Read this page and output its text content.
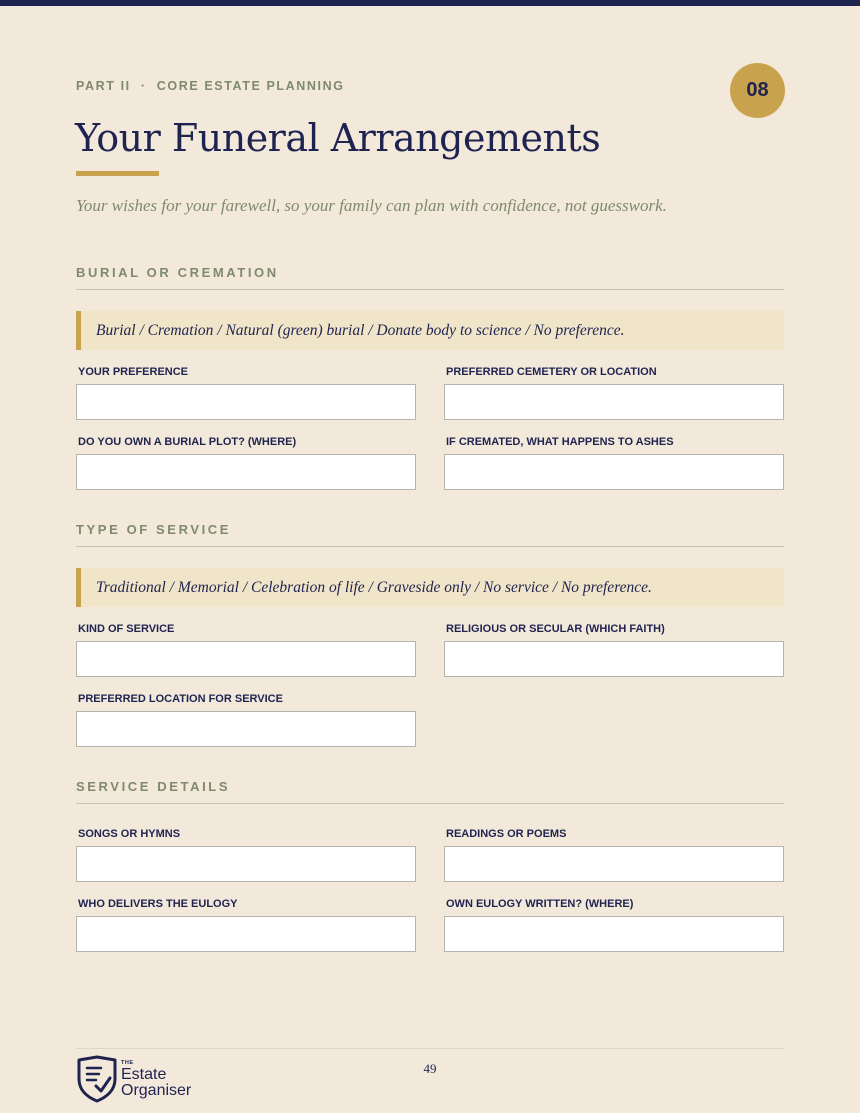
PART II  ·  CORE ESTATE PLANNING	08
Your Funeral Arrangements
Your wishes for your farewell, so your family can plan with confidence, not guesswork.
BURIAL OR CREMATION
Burial / Cremation / Natural (green) burial / Donate body to science / No preference.
YOUR PREFERENCE	PREFERRED CEMETERY OR LOCATION
DO YOU OWN A BURIAL PLOT? (WHERE)	IF CREMATED, WHAT HAPPENS TO ASHES
TYPE OF SERVICE
Traditional / Memorial / Celebration of life / Graveside only / No service / No preference.
KIND OF SERVICE	RELIGIOUS OR SECULAR (WHICH FAITH)
PREFERRED LOCATION FOR SERVICE
SERVICE DETAILS
SONGS OR HYMNS	READINGS OR POEMS
WHO DELIVERS THE EULOGY	OWN EULOGY WRITTEN? (WHERE)
49
THE
Estate
Organiser
